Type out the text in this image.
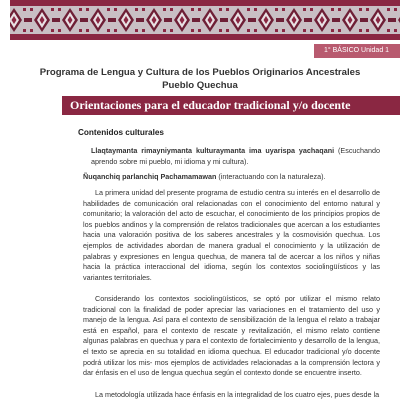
1° BÁSICO Unidad 1
Programa de Lengua y Cultura de los Pueblos Originarios Ancestrales
Pueblo Quechua
Orientaciones para el educador tradicional y/o docente
Contenidos culturales

Llaqtaymanta rimayniymanta kulturaymanta ima uyarispa yachaqani (Escuchando aprendo sobre mi pueblo, mi idioma y mi cultura).

Ñuqanchiq parlanchiq Pachamamawan (interactuando con la naturaleza).

La primera unidad del presente programa de estudio centra su interés en el desarrollo de habilidades de comunicación oral relacionadas con el conocimiento del entorno natural y comunitario; la valoración del acto de escuchar, el conocimiento de los principios propios de los pueblos andinos y la comprensión de relatos tradicionales que acercan a los estudiantes hacia una valoración positiva de los saberes ancestrales y la cosmovisión quechua. Los ejemplos de actividades abordan de manera gradual el conocimiento y la utilización de palabras y expresiones en lengua quechua, de manera tal de acercar a los niños y niñas hacia la práctica interaccional del idioma, según los contextos sociolingüísticos y las variantes territoriales.

Considerando los contextos sociolingüísticos, se optó por utilizar el mismo relato tradicional con la finalidad de poder apreciar las variaciones en el tratamiento del uso y manejo de la lengua. Así para el contexto de sensibilización de la lengua el relato a trabajar está en español, para el contexto de rescate y revitalización, el mismo relato contiene algunas palabras en quechua y para el contexto de fortalecimiento y desarrollo de la lengua, el texto se aprecia en su totalidad en idioma quechua. El educador tradicional y/o docente podrá utilizar los mis- mos ejemplos de actividades relacionadas a la comprensión lectora y dar énfasis en el uso de lengua quechua según el contexto donde se encuentre inserto.

La metodología utilizada hace énfasis en la integralidad de los cuatro ejes, pues desde la
